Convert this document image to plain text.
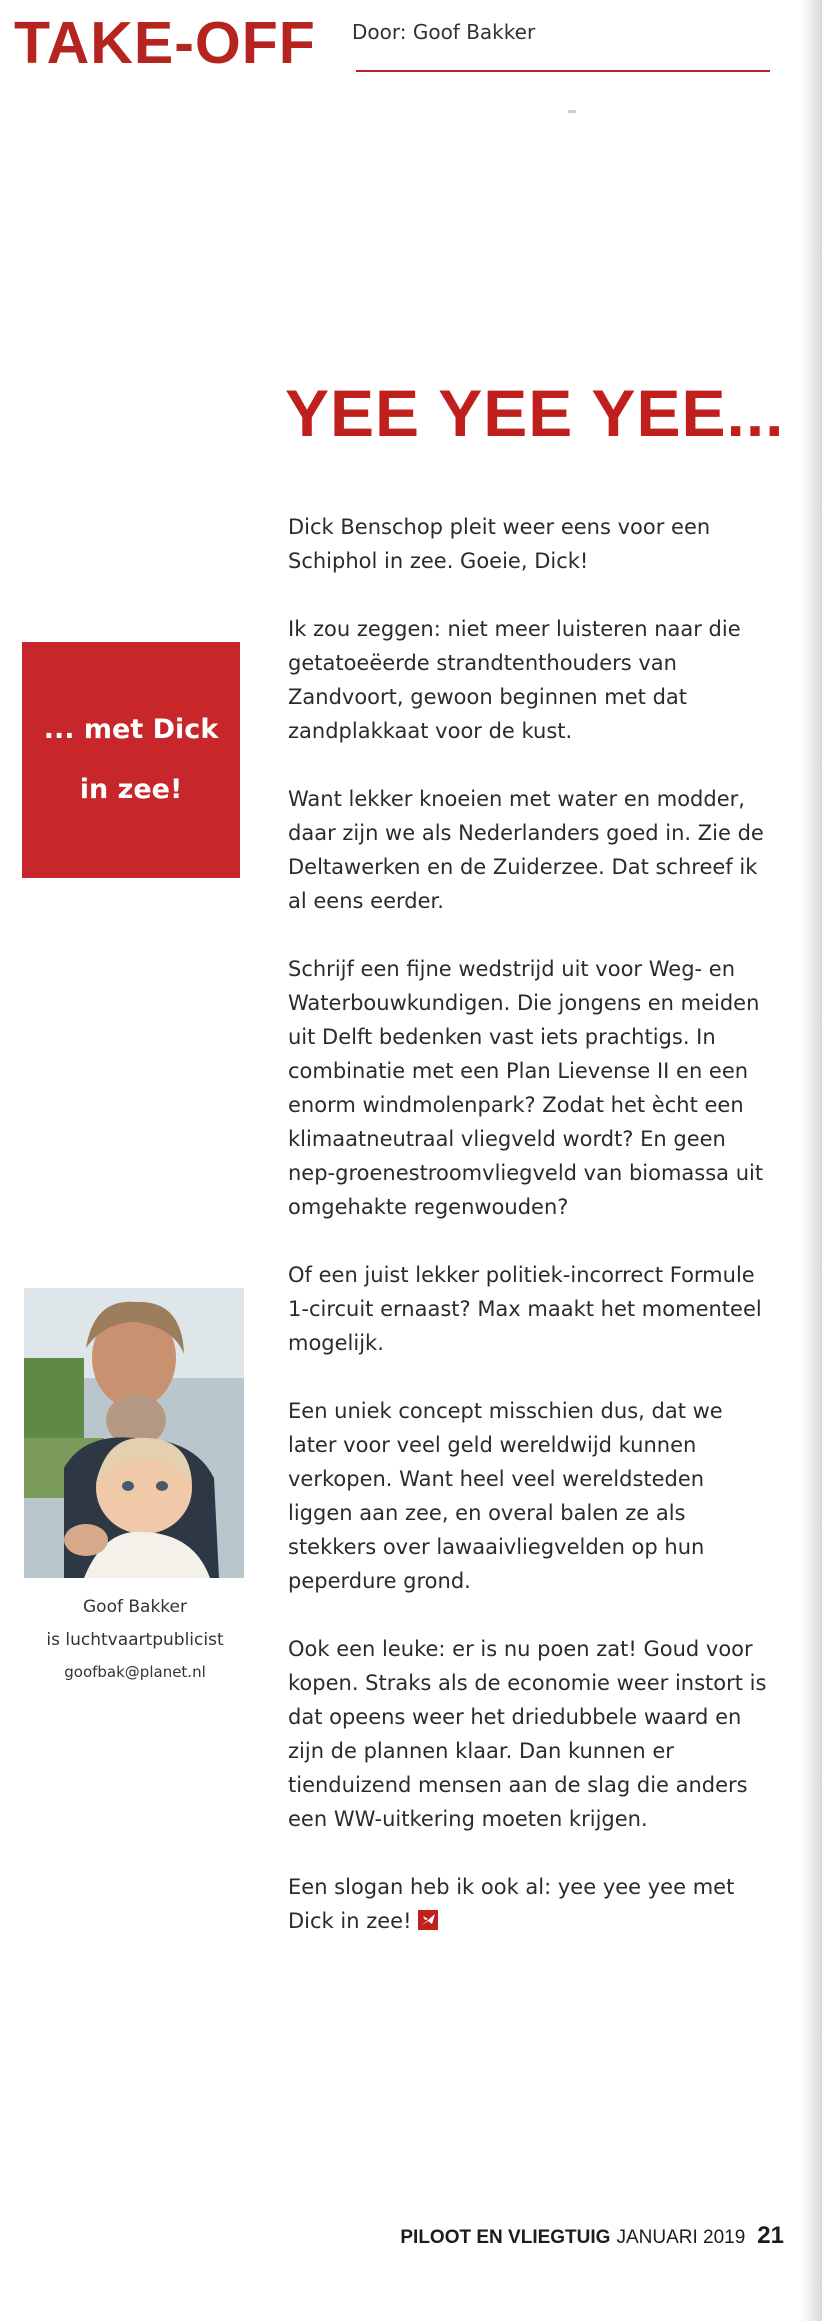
TAKE-OFF Door: Goof Bakker
YEE YEE YEE...

Dick Benschop pleit weer eens voor een Schiphol in zee. Goeie, Dick!

Ik zou zeggen: niet meer luisteren naar die getatoeëerde strandtenthouders van Zandvoort, gewoon beginnen met dat zandplakkaat voor de kust.

Want lekker knoeien met water en modder, daar zijn we als Nederlanders goed in. Zie de Deltawerken en de Zuiderzee. Dat schreef ik al eens eerder.

Schrijf een fijne wedstrijd uit voor Weg- en Waterbouwkundigen. Die jongens en meiden uit Delft bedenken vast iets prachtigs. In combinatie met een Plan Lievense II en een enorm windmolenpark? Zodat het ècht een klimaatneutraal vliegveld wordt? En geen nep-groenestroomvliegveld van biomassa uit omgehakte regenwouden?

Of een juist lekker politiek-incorrect Formule 1-circuit ernaast? Max maakt het momenteel mogelijk.

Een uniek concept misschien dus, dat we later voor veel geld wereldwijd kunnen verkopen. Want heel veel wereldsteden liggen aan zee, en overal balen ze als stekkers over lawaaivliegvelden op hun peperdure grond.

Ook een leuke: er is nu poen zat! Goud voor kopen. Straks als de economie weer instort is dat opeens weer het driedubbele waard en zijn de plannen klaar. Dan kunnen er tienduizend mensen aan de slag die anders een WW-uitkering moeten krijgen.

Een slogan heb ik ook al: yee yee yee met Dick in zee!

... met Dick in zee!
Goof Bakker
is luchtvaartpublicist
goofbak@planet.nl
PILOOT EN VLIEGTUIG JANUARI 2019 21
